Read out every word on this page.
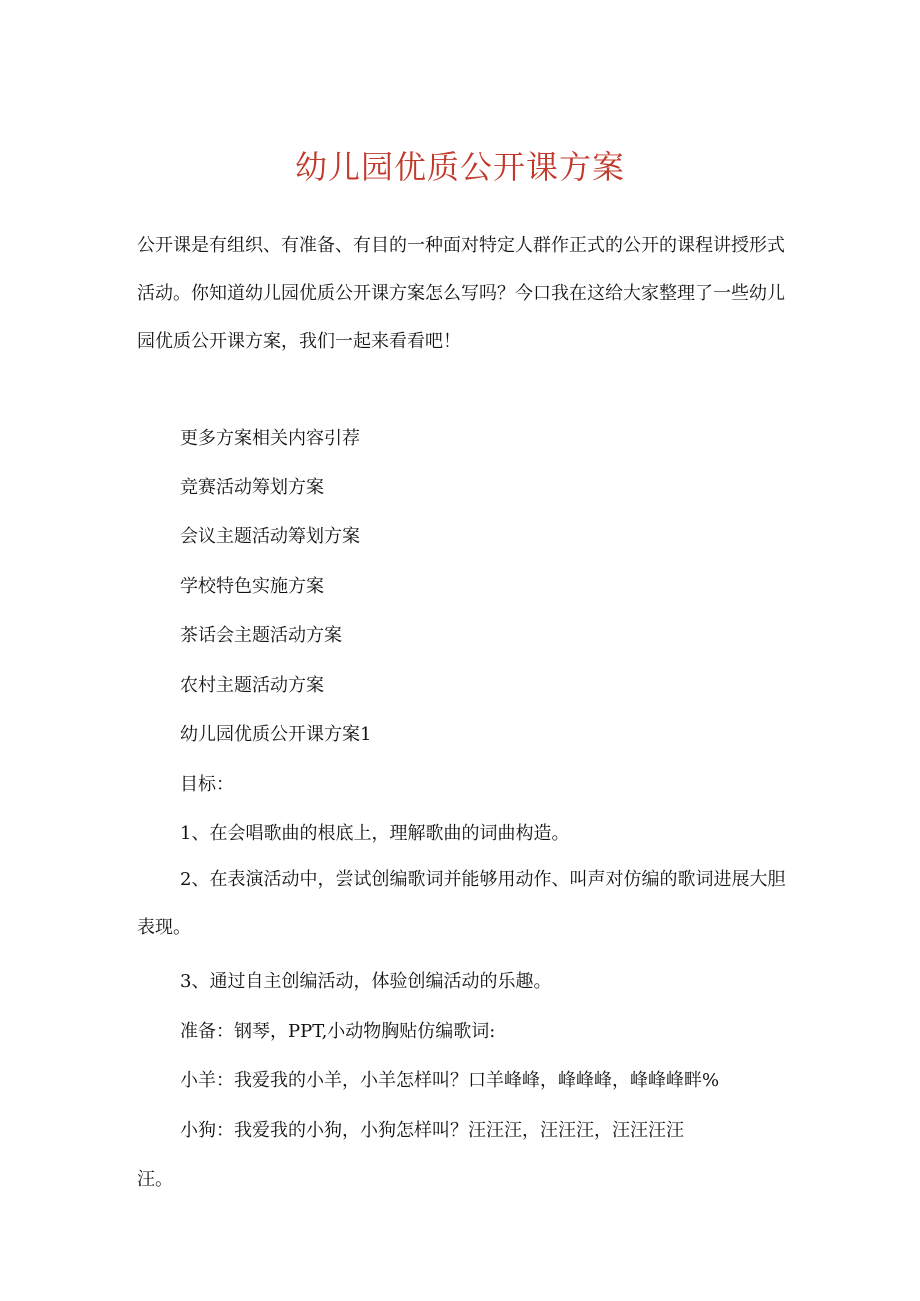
幼儿园优质公开课方案

公开课是有组织、有准备、有目的一种面对特定人群作正式的公开的课程讲授形式活动。你知道幼儿园优质公开课方案怎么写吗？今口我在这给大家整理了一些幼儿园优质公开课方案，我们一起来看看吧！

更多方案相关内容引荐
竞赛活动筹划方案
会议主题活动筹划方案
学校特色实施方案
茶话会主题活动方案
农村主题活动方案
幼儿园优质公开课方案1
目标：
1、在会唱歌曲的根底上，理解歌曲的词曲构造。
2、在表演活动中，尝试创编歌词并能够用动作、叫声对仿编的歌词进展大胆表现。
3、通过自主创编活动，体验创编活动的乐趣。
准备：钢琴，PPT,小动物胸贴仿编歌词:
小羊：我爱我的小羊，小羊怎样叫？口羊峰峰，峰峰峰，峰峰峰畔%
小狗：我爱我的小狗，小狗怎样叫？汪汪汪，汪汪汪，汪汪汪汪
汪。
